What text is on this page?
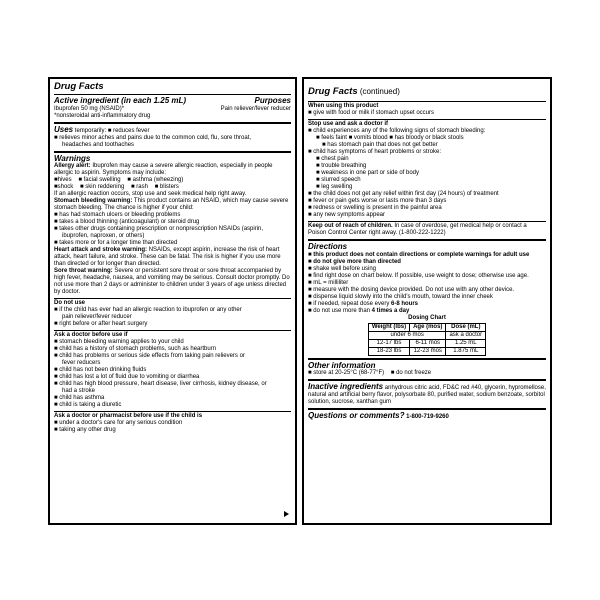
Drug Facts
Active ingredient (in each 1.25 mL)	Purposes
Ibuprofen 50 mg (NSAID)*	Pain reliever/fever reducer
*nonsteroidal anti-inflammatory drug
Uses temporarily: ■ reduces fever
■ relieves minor aches and pains due to the common cold, flu, sore throat,
headaches and toothaches
Warnings
Allergy alert: Ibuprofen may cause a severe allergic reaction, especially in people allergic to aspirin. Symptoms may include:
■hives ■ facial swelling ■ asthma (wheezing)
■shock ■ skin reddening ■ rash ■ blisters
If an allergic reaction occurs, stop use and seek medical help right away.
Stomach bleeding warning: This product contains an NSAID, which may cause severe stomach bleeding. The chance is higher if your child:
■ has had stomach ulcers or bleeding problems
■ takes a blood thinning (anticoagulant) or steroid drug
■ takes other drugs containing prescription or nonprescription NSAIDs (aspirin,
ibuprofen, naproxen, or others)
■ takes more or for a longer time than directed
Heart attack and stroke warning: NSAIDs, except aspirin, increase the risk of heart attack, heart failure, and stroke. These can be fatal. The risk is higher if you use more than directed or for longer than directed.
Sore throat warning: Severe or persistent sore throat or sore throat accompanied by high fever, headache, nausea, and vomiting may be serious. Consult doctor promptly. Do not use more than 2 days or administer to children under 3 years of age unless directed by doctor.
Do not use
■ if the child has ever had an allergic reaction to ibuprofen or any other
pain reliever/fever reducer
■ right before or after heart surgery
Ask a doctor before use if
■ stomach bleeding warning applies to your child
■ child has a history of stomach problems, such as heartburn
■ child has problems or serious side effects from taking pain relievers or
fever reducers
■ child has not been drinking fluids
■ child has lost a lot of fluid due to vomiting or diarrhea
■ child has high blood pressure, heart disease, liver cirrhosis, kidney disease, or
had a stroke
■ child has asthma
■ child is taking a diuretic
Ask a doctor or pharmacist before use if the child is
■ under a doctor's care for any serious condition
■ taking any other drug
Drug Facts (continued)
When using this product
■ give with food or milk if stomach upset occurs
Stop use and ask a doctor if
■ child experiences any of the following signs of stomach bleeding:
■ feels faint ■ vomits blood ■ has bloody or black stools
■ has stomach pain that does not get better
■ child has symptoms of heart problems or stroke:
■ chest pain
■ trouble breathing
■ weakness in one part or side of body
■ slurred speech
■ leg swelling
■ the child does not get any relief within first day (24 hours) of treatment
■ fever or pain gets worse or lasts more than 3 days
■ redness or swelling is present in the painful area
■ any new symptoms appear
Keep out of reach of children. In case of overdose, get medical help or contact a Poison Control Center right away. (1-800-222-1222)
Directions
■ this product does not contain directions or complete warnings for adult use
■ do not give more than directed
■ shake well before using
■ find right dose on chart below. If possible, use weight to dose; otherwise use age.
■ mL = milliliter
■ measure with the dosing device provided. Do not use with any other device.
■ dispense liquid slowly into the child's mouth, toward the inner cheek
■ if needed, repeat dose every 6-8 hours
■ do not use more than 4 times a day
Dosing Chart
Weight (lbs)	Age (mos)	Dose (mL)
under 6 mos		ask a doctor
12-17 lbs	6-11 mos	1.25 mL
18-23 lbs	12-23 mos	1.875 mL
Other information
■ store at 20-25°C (68-77°F) ■ do not freeze
Inactive ingredients anhydrous citric acid, FD&C red #40, glycerin, hypromellose, natural and artificial berry flavor, polysorbate 80, purified water, sodium benzoate, sorbitol solution, sucrose, xanthan gum
Questions or comments? 1-800-719-9260
